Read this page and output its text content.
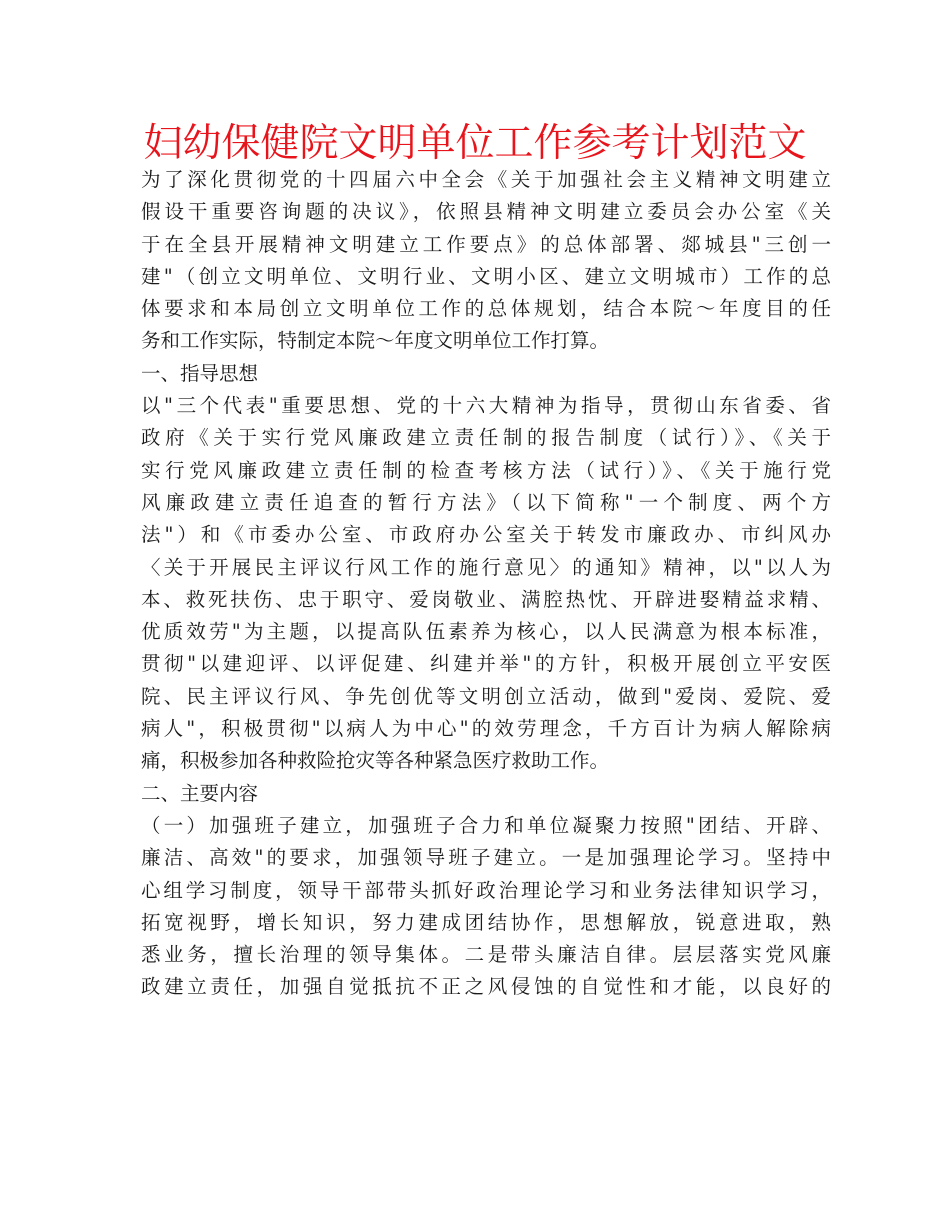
妇幼保健院文明单位工作参考计划范文
为了深化贯彻党的十四届六中全会《关于加强社会主义精神文明建立
假设干重要咨询题的决议》，依照县精神文明建立委员会办公室《关
于在全县开展精神文明建立工作要点》的总体部署、郯城县"三创一
建"（创立文明单位、文明行业、文明小区、建立文明城市）工作的总
体要求和本局创立文明单位工作的总体规划，结合本院～年度目的任
务和工作实际，特制定本院～年度文明单位工作打算。
一、指导思想
以"三个代表"重要思想、党的十六大精神为指导，贯彻山东省委、省
政府《关于实行党风廉政建立责任制的报告制度（试行）》、《关于
实行党风廉政建立责任制的检查考核方法（试行）》、《关于施行党
风廉政建立责任追查的暂行方法》（以下简称"一个制度、两个方
法"）和《市委办公室、市政府办公室关于转发市廉政办、市纠风办
〈关于开展民主评议行风工作的施行意见〉的通知》精神，以"以人为
本、救死扶伤、忠于职守、爱岗敬业、满腔热忱、开辟进娶精益求精、
优质效劳"为主题，以提高队伍素养为核心，以人民满意为根本标准，
贯彻"以建迎评、以评促建、纠建并举"的方针，积极开展创立平安医
院、民主评议行风、争先创优等文明创立活动，做到"爱岗、爱院、爱
病人"，积极贯彻"以病人为中心"的效劳理念，千方百计为病人解除病
痛，积极参加各种救险抢灾等各种紧急医疗救助工作。
二、主要内容
（一）加强班子建立，加强班子合力和单位凝聚力按照"团结、开辟、
廉洁、高效"的要求，加强领导班子建立。一是加强理论学习。坚持中
心组学习制度，领导干部带头抓好政治理论学习和业务法律知识学习，
拓宽视野，增长知识，努力建成团结协作，思想解放，锐意进取，熟
悉业务，擅长治理的领导集体。二是带头廉洁自律。层层落实党风廉
政建立责任，加强自觉抵抗不正之风侵蚀的自觉性和才能，以良好的
